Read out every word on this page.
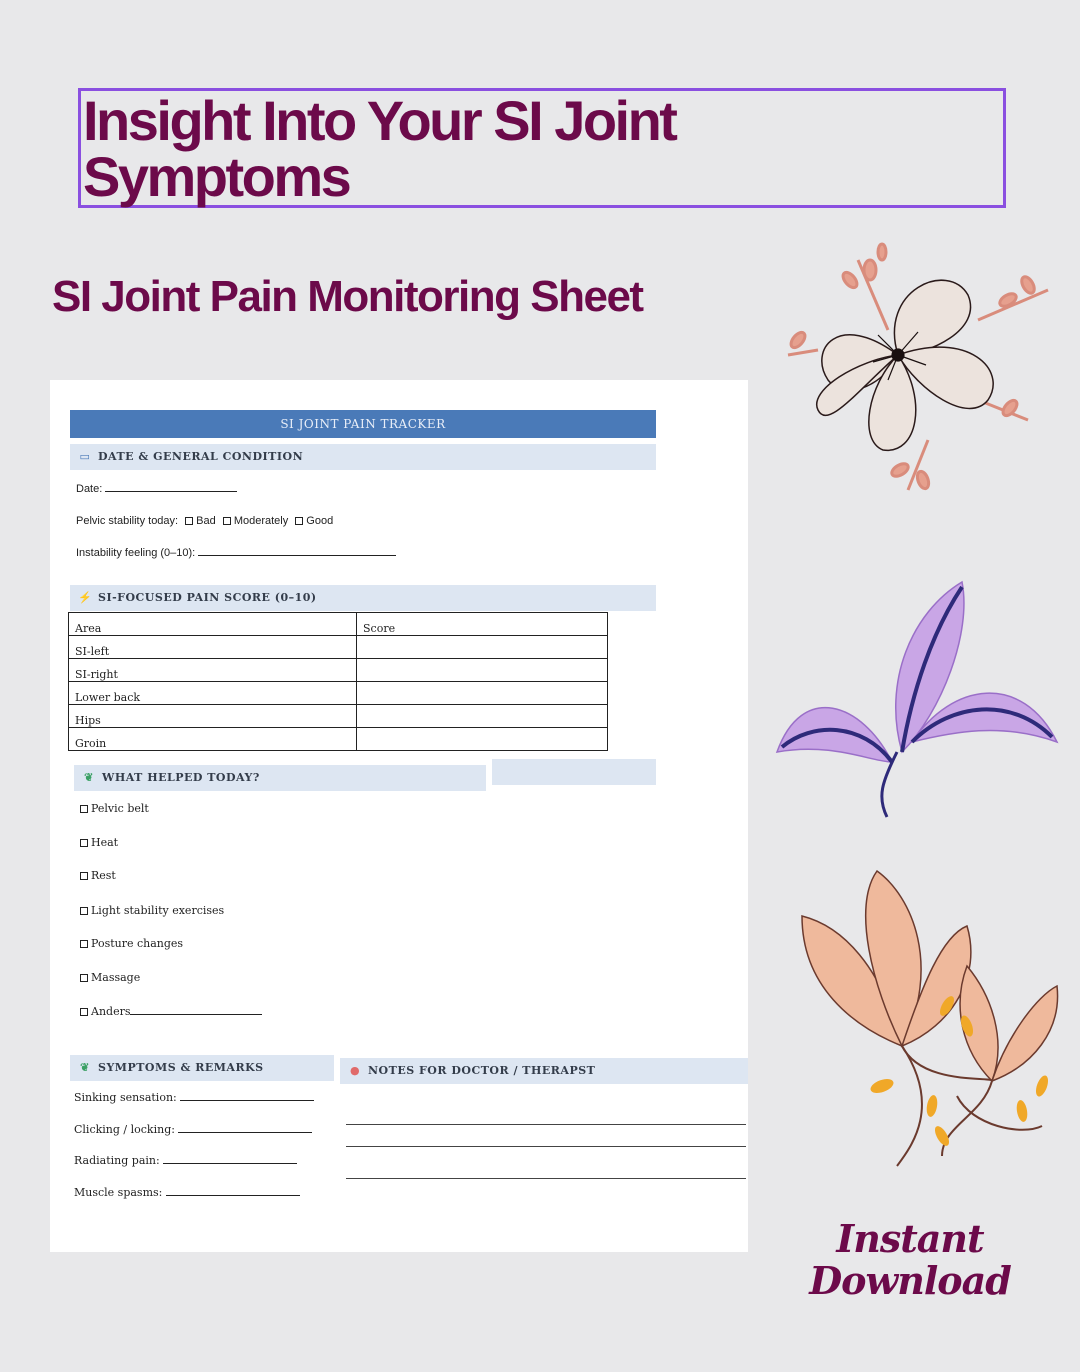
Insight Into Your SI Joint Symptoms
SI Joint Pain Monitoring Sheet
SI JOINT PAIN TRACKER
▭ DATE & GENERAL CONDITION
Date:
Pelvic stability today: Bad Moderately Good
Instability feeling (0–10):
⚡ SI-FOCUSED PAIN SCORE (0–10)
Area	Score
SI-left	
SI-right	
Lower back	
Hips	
Groin	
❦ WHAT HELPED TODAY?
Pelvic belt
Heat
Rest
Light stability exercises
Posture changes
Massage
Anders
❦ SYMPTOMS & REMARKS
Sinking sensation:
Clicking / locking:
Radiating pain:
Muscle spasms:
● NOTES FOR DOCTOR / THERAPST
Instant
Download
